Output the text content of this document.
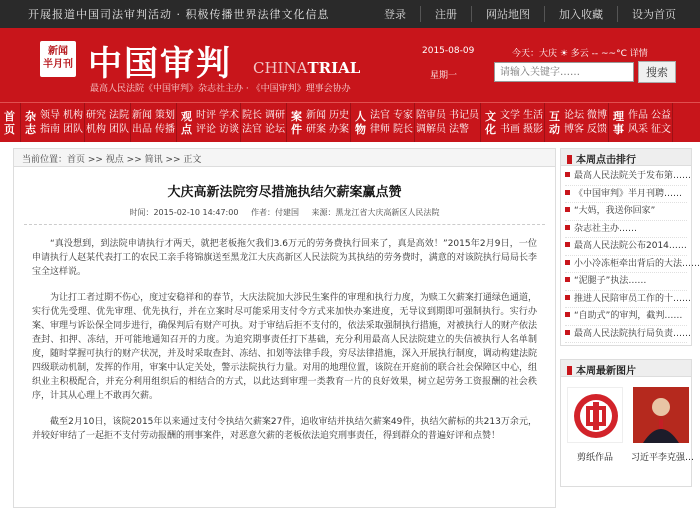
开展报道中国司法审判活动 · 积极传播世界法律文化信息	登录	注册	网站地图	加入收藏	设为首页
新闻
半月刊 中国审判 CHINATRIAL
最高人民法院《中国审判》杂志社主办 · 《中国审判》理事会协办
2015-08-09
星期一
今天：大庆 ☀ 多云 -- ~~°C 详情
请输入关键字……
搜索
首页
杂志
领导
指南
机构
团队
研究
机构
法院
团队
新闻
出品
策划
传播
观点
时评
评论
学术
访谈
院长
法官
调研
论坛
案件
新闻
研案
历史
办案
人物
法官
律师
专家
院长
陪审员
调解员
书记员
法警
文化
文学
书画
生活
摄影
互动
论坛
博客
微博
反馈
理事
作品
风采
公益
征文
当前位置：首页 >> 视点 >> 简讯 >> 正文
大庆高新法院穷尽措施执结欠薪案赢点赞
时间：2015-02-10 14:47:00 作者：付建国 来源：黑龙江省大庆高新区人民法院

“真没想到，到法院申请执行才两天，就把老板拖欠我们3.6万元的劳务费执行回来了，真是高效！”2015年2月9日，一位申请执行人赵某代表打工的农民工亲手将锦旗送至黑龙江大庆高新区人民法院为其执结的劳务费时，满意的对该院执行局局长李宝全这样说。

为让打工者过期不伤心，度过安稳祥和的春节，大庆法院加大涉民生案件的审理和执行力度，为赎工欠薪案打通绿色通道，实行优先受理、优先审理、优先执行，并在立案时尽可能采用支付令方式来加快办案进度，无导议到期即可强制执行。实行办案、审理与诉讼保全同步进行，确保判后有财产可执。对于审结后拒不支付的，依法采取强制执行措施，对被执行人的财产依法查封、扣押、冻结，开可能地通知召开的力度。为追究期事责任打下基础，充分利用最高人民法院建立的失信被执行人名单制度，随时掌握可执行的财产状况，并及时采取查封、冻结、扣划等法律手段，穷尽法律措施，深入开展执行制度，调动构建法院四级联动机制，发挥的作用，审案中认定关处，警示法院执行力量。对用的地理位置，该院在开庭前的联合社会保障区中心，组织业主积极配合，并充分利用组织后的相结合的方式，以此达到审理一类教育一片的良好效果，树立起劳务工资报酬的社会秩序，计其从心理上不敢再欠薪。

截至2月10日，该院2015年以来通过支付令执结欠薪案27件，追收审结并执结欠薪案49件，执结欠薪标的共213万余元，并较好审结了一起拒不支付劳动报酬的刑事案件，对恶意欠薪的老板依法追究刑事责任，得到群众的普遍好评和点赞！

本周点击排行
最高人民法院关于发布第……
《中国审判》半月刊聘……
“大妈，我送你回家”
杂志社主办……
最高人民法院公布2014……
小小冷冻柜牵出背后的大法……
“泥腿子”执法……
推进人民陪审员工作的十……
“自助式”的审判，截判……
最高人民法院执行局负责……
本周最新图片
剪纸作品	习近平李克强…
